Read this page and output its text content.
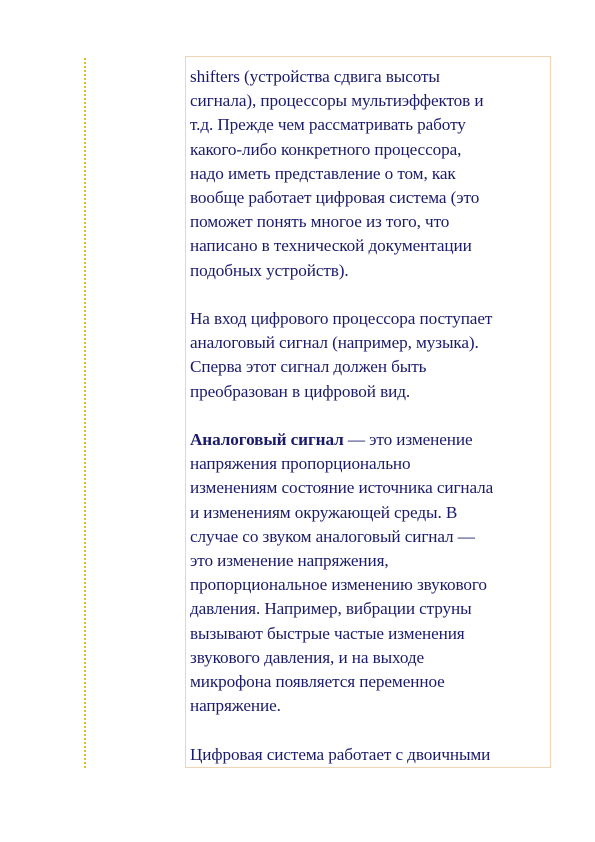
shifters (устройства сдвига высоты
сигнала), процессоры мультиэффектов и
т.д. Прежде чем рассматривать работу
какого-либо конкретного процессора,
надо иметь представление о том, как
вообще работает цифровая система (это
поможет понять многое из того, что
написано в технической документации
подобных устройств).
На вход цифрового процессора поступает
аналоговый сигнал (например, музыка).
Сперва этот сигнал должен быть
преобразован в цифровой вид.
Аналоговый сигнал — это изменение
напряжения пропорционально
изменениям состояние источника сигнала
и изменениям окружающей среды. В
случае со звуком аналоговый сигнал —
это изменение напряжения,
пропорциональное изменению звукового
давления. Например, вибрации струны
вызывают быстрые частые изменения
звукового давления, и на выходе
микрофона появляется переменное
напряжение.
Цифровая система работает с двоичными
